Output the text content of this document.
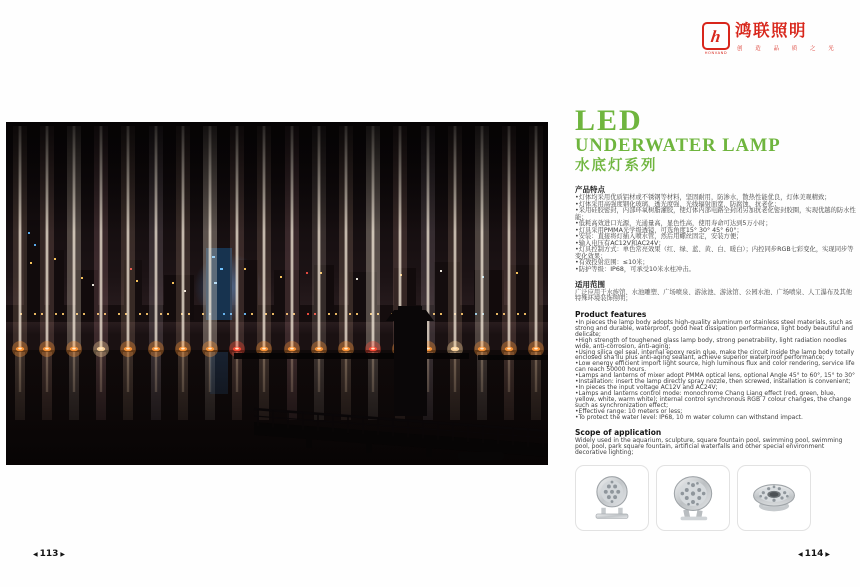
h
HONVAND
鸿联照明
创 造 品 质 之 光
LED
UNDERWATER LAMP
水底灯系列
产品特点
•灯体均采用优质铝材或不锈钢等材料，坚固耐用，防渗水，散热性能优良，灯体美观精致；
•灯体采用高强度钢化玻璃，透光度强，光线辐射面宽，防腐蚀，抗老化；
•采用硅胶密封，内部环氧树脂灌胶，使灯体内部电路全封闭另加抗老化密封胶圈，实现优越的防水性能；
•低耗高效进口光源，光通量高，显色性高，使用寿命可达到5万小时；
•灯具采用PMMA光学级透镜，可选角度15° 30° 45° 60°；
•安装：直接将灯插入喷水管，然后用螺丝固定，安装方便；
•输入电压有AC12V和AC24V；
•灯具控制方式：单色常亮效果（红、绿、蓝、黄、白、暖白）；内控同步RGB七彩变化，实现同步等变化效果；
•有效投射范围：≤10米；
•防护等级：IP68，可承受10米水柱冲击。
适用范围
广泛应用于水族馆、水池雕塑、广场喷泉、游泳池、游泳馆、公园水池、广场喷泉、人工瀑布及其他特殊环境装饰照明；
Product features
•In pieces the lamp body adopts high-quality aluminum or stainless steel materials, such as strong and durable, waterproof, good heat dissipation performance, light body beautiful and delicate;
•High strength of toughened glass lamp body, strong penetrability, light radiation noodles wide, anti-corrosion, anti-aging;
•Using silica gel seal, internal epoxy resin glue, make the circuit inside the lamp body totally enclosed sha ilu plus anti-aging sealant, achieve superior waterproof performance;
•Low energy efficient import light source, high luminous flux and color rendering, service life can reach 50000 hours.
•Lamps and lanterns of mixer adopt PMMA optical lens, optional Angle 45° to 60°, 15° to 30°
•Installation: insert the lamp directly spray nozzle, then screwed, installation is convenient;
•In pieces the input voltage AC12V and AC24V;
•Lamps and lanterns control mode: monochrome Chang Liang effect (red, green, blue, yellow, white, warm white); internal control synchronous RGB 7 colour changes, the change such as synchronization effect;
•Effective range: 10 meters or less;
•To protect the water level: IP68, 10 m water column can withstand impact.
Scope of application
Widely used in the aquarium, sculpture, square fountain pool, swimming pool, swimming pool, pool, park square fountain, artificial waterfalls and other special environment decorative lighting;
◀ 113 ▶	◀ 114 ▶
